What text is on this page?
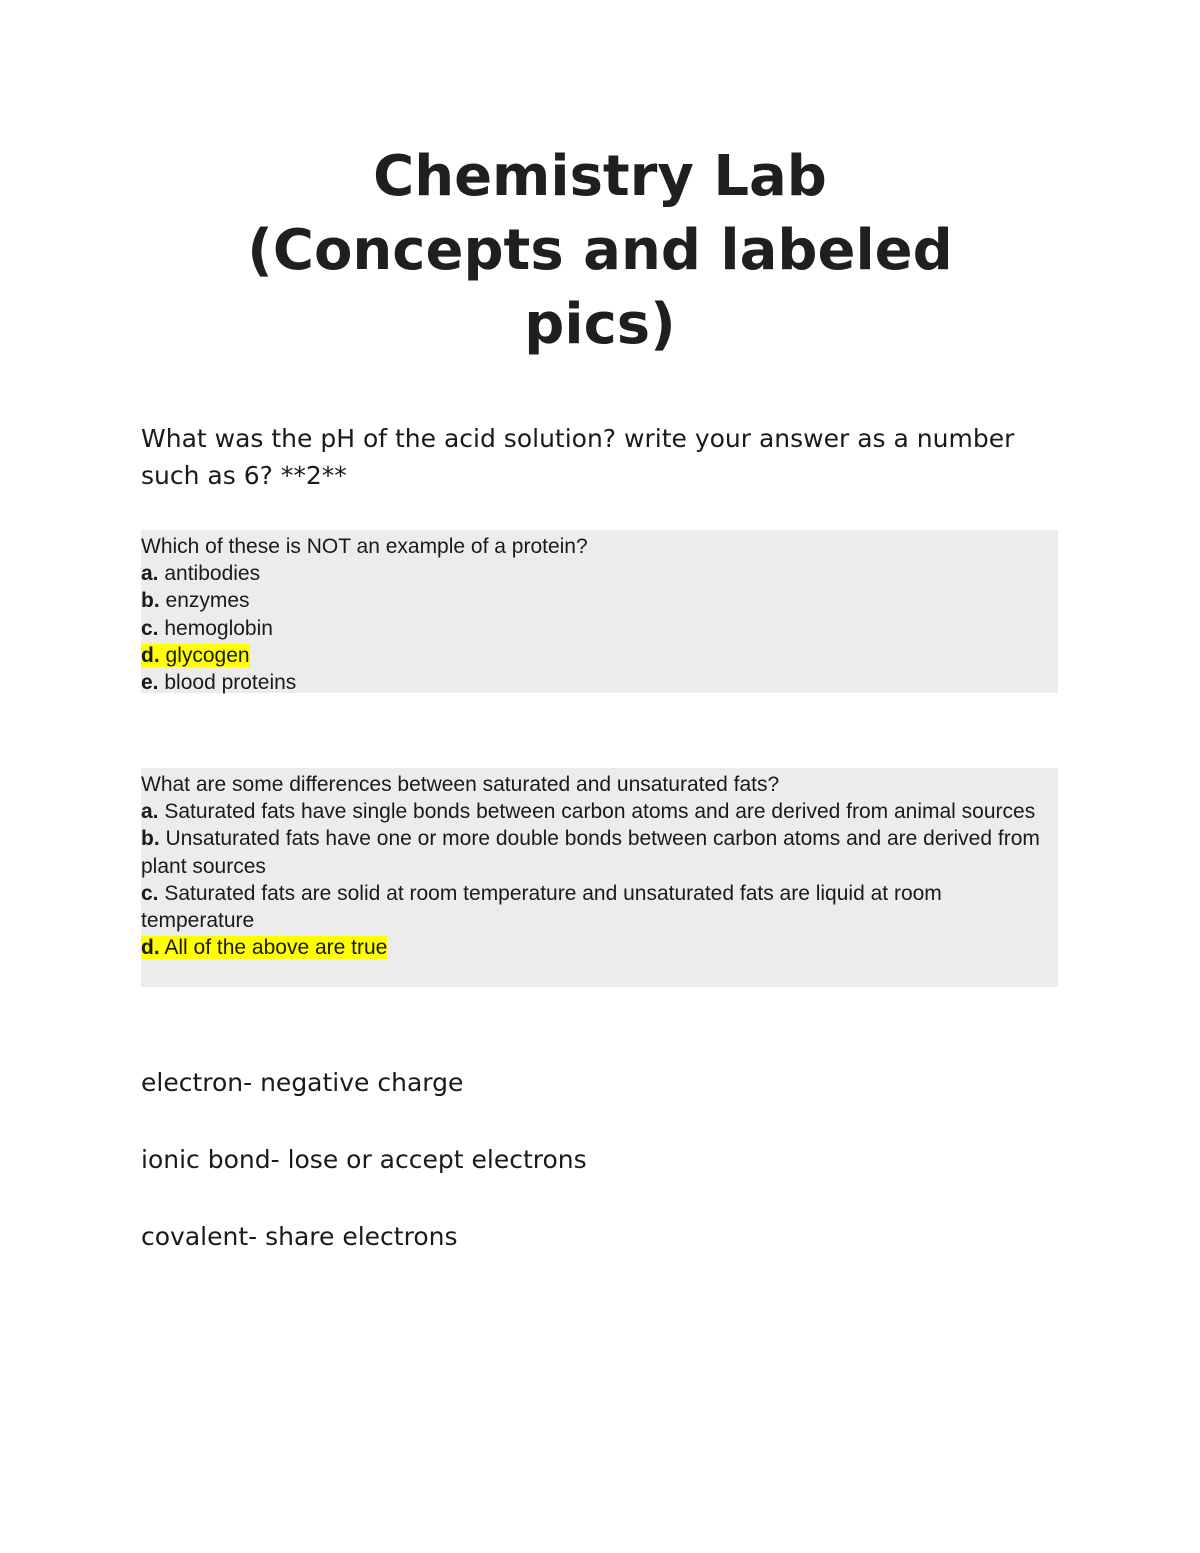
Chemistry Lab
(Concepts and labeled
pics)

What was the pH of the acid solution? write your answer as a number such as 6? **2**

Which of these is NOT an example of a protein?

a. antibodies

b. enzymes

c. hemoglobin

d. glycogen

e. blood proteins

What are some differences between saturated and unsaturated fats?

a. Saturated fats have single bonds between carbon atoms and are derived from animal sources

b. Unsaturated fats have one or more double bonds between carbon atoms and are derived from plant sources

c. Saturated fats are solid at room temperature and unsaturated fats are liquid at room temperature

d. All of the above are true

electron- negative charge

ionic bond- lose or accept electrons

covalent- share electrons
